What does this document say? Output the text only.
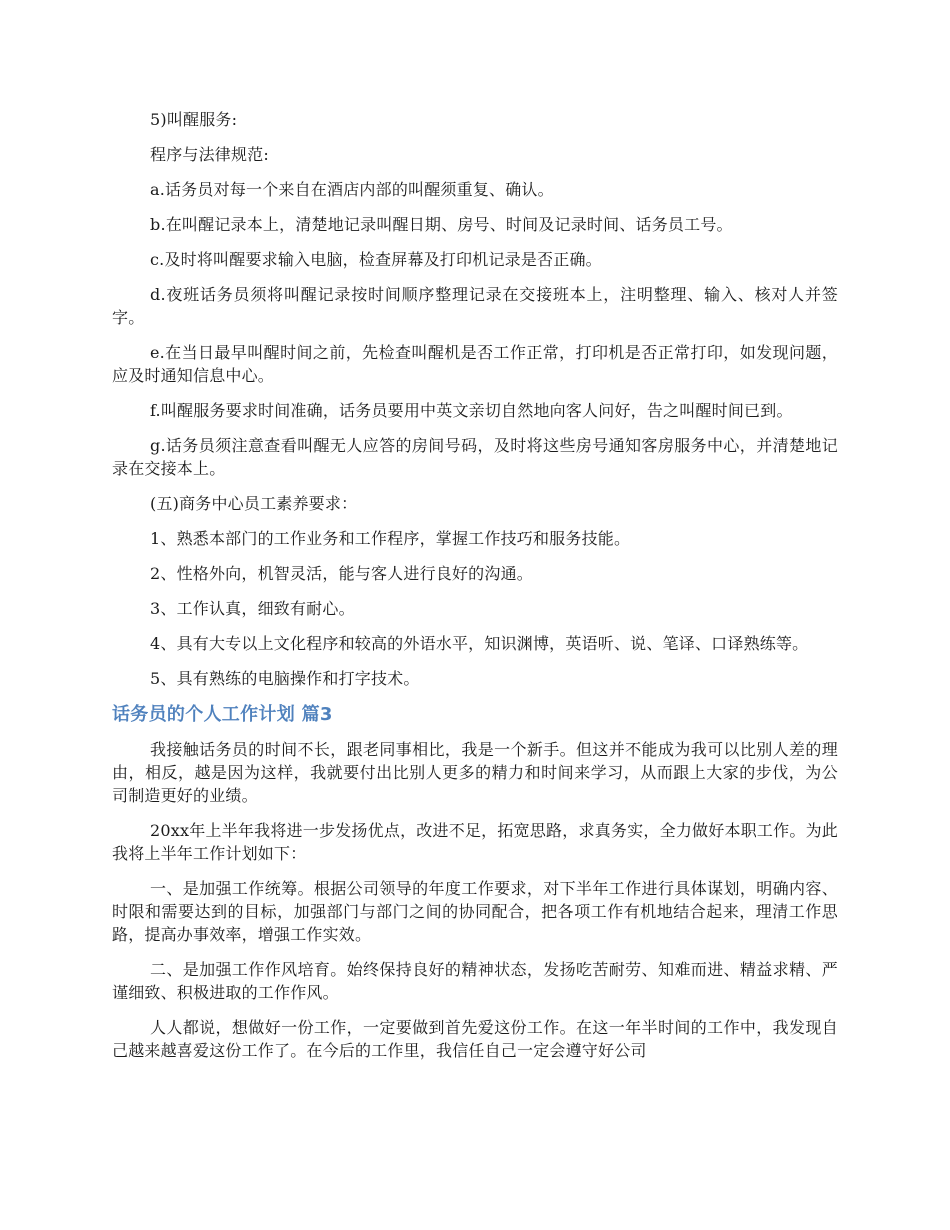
5)叫醒服务:

程序与法律规范:

a.话务员对每一个来自在酒店内部的叫醒须重复、确认。

b.在叫醒记录本上，清楚地记录叫醒日期、房号、时间及记录时间、话务员工号。

c.及时将叫醒要求输入电脑，检查屏幕及打印机记录是否正确。

d.夜班话务员须将叫醒记录按时间顺序整理记录在交接班本上，注明整理、输入、核对人并签字。

e.在当日最早叫醒时间之前，先检查叫醒机是否工作正常，打印机是否正常打印，如发现问题，应及时通知信息中心。

f.叫醒服务要求时间准确，话务员要用中英文亲切自然地向客人问好，告之叫醒时间已到。

g.话务员须注意查看叫醒无人应答的房间号码，及时将这些房号通知客房服务中心，并清楚地记录在交接本上。

(五)商务中心员工素养要求：

1、熟悉本部门的工作业务和工作程序，掌握工作技巧和服务技能。

2、性格外向，机智灵活，能与客人进行良好的沟通。

3、工作认真，细致有耐心。

4、具有大专以上文化程序和较高的外语水平，知识渊博，英语听、说、笔译、口译熟练等。

5、具有熟练的电脑操作和打字技术。

话务员的个人工作计划 篇3

我接触话务员的时间不长，跟老同事相比，我是一个新手。但这并不能成为我可以比别人差的理由，相反，越是因为这样，我就要付出比别人更多的精力和时间来学习，从而跟上大家的步伐，为公司制造更好的业绩。

20xx年上半年我将进一步发扬优点，改进不足，拓宽思路，求真务实，全力做好本职工作。为此我将上半年工作计划如下：

一、是加强工作统筹。根据公司领导的年度工作要求，对下半年工作进行具体谋划，明确内容、时限和需要达到的目标，加强部门与部门之间的协同配合，把各项工作有机地结合起来，理清工作思路，提高办事效率，增强工作实效。

二、是加强工作作风培育。始终保持良好的精神状态，发扬吃苦耐劳、知难而进、精益求精、严谨细致、积极进取的工作作风。

人人都说，想做好一份工作，一定要做到首先爱这份工作。在这一年半时间的工作中，我发现自己越来越喜爱这份工作了。在今后的工作里，我信任自己一定会遵守好公司
